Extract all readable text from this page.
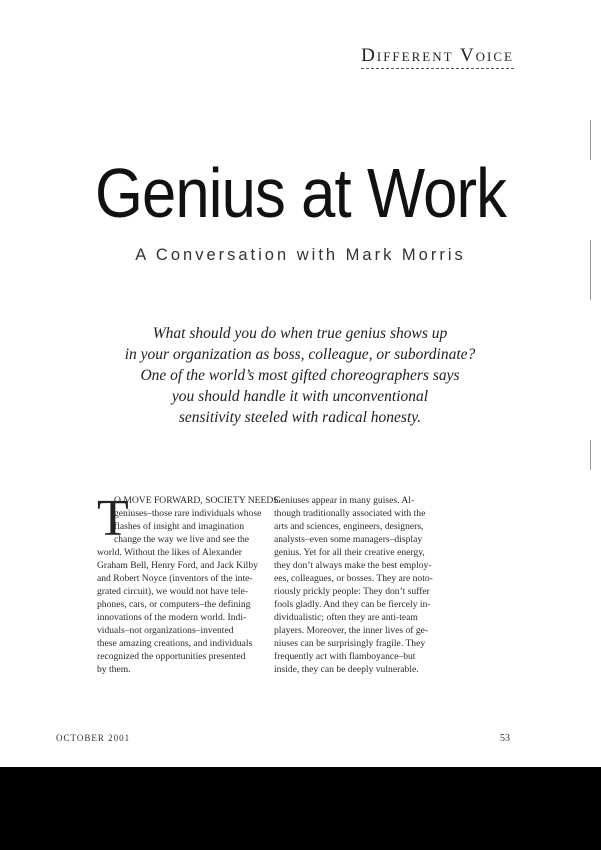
Different Voice
Genius at Work

A Conversation with Mark Morris

What should you do when true genius shows up
in your organization as boss, colleague, or subordinate?
One of the world’s most gifted choreographers says
you should handle it with unconventional
sensitivity steeled with radical honesty.
T
O MOVE FORWARD, SOCIETY NEEDS
geniuses–those rare individuals whose
flashes of insight and imagination
change the way we live and see the
world. Without the likes of Alexander
Graham Bell, Henry Ford, and Jack Kilby
and Robert Noyce (inventors of the inte-
grated circuit), we would not have tele-
phones, cars, or computers–the defining
innovations of the modern world. Indi-
viduals–not organizations–invented
these amazing creations, and individuals
recognized the opportunities presented
by them.
Geniuses appear in many guises. Al-
though traditionally associated with the
arts and sciences, engineers, designers,
analysts–even some managers–display
genius. Yet for all their creative energy,
they don’t always make the best employ-
ees, colleagues, or bosses. They are noto-
riously prickly people: They don’t suffer
fools gladly. And they can be fiercely in-
dividualistic; often they are anti-team
players. Moreover, the inner lives of ge-
niuses can be surprisingly fragile. They
frequently act with flamboyance–but
inside, they can be deeply vulnerable.
OCTOBER 2001	53
